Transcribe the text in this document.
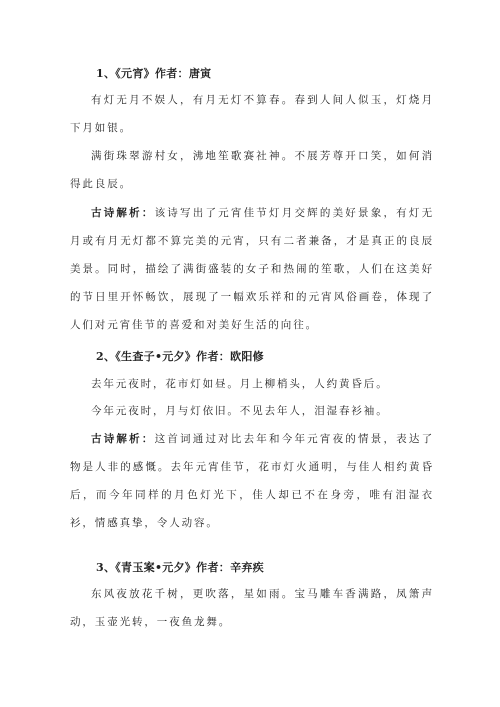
1、《元宵》作者：唐寅

有灯无月不娱人，有月无灯不算春。春到人间人似玉，灯烧月下月如银。

满街珠翠游村女，沸地笙歌赛社神。不展芳尊开口笑，如何消得此良辰。

古诗解析：该诗写出了元宵佳节灯月交辉的美好景象，有灯无月或有月无灯都不算完美的元宵，只有二者兼备，才是真正的良辰美景。同时，描绘了满街盛装的女子和热闹的笙歌，人们在这美好的节日里开怀畅饮，展现了一幅欢乐祥和的元宵风俗画卷，体现了人们对元宵佳节的喜爱和对美好生活的向往。

2、《生查子•元夕》作者：欧阳修

去年元夜时，花市灯如昼。月上柳梢头，人约黄昏后。

今年元夜时，月与灯依旧。不见去年人，泪湿春衫袖。

古诗解析：这首词通过对比去年和今年元宵夜的情景，表达了物是人非的感慨。去年元宵佳节，花市灯火通明，与佳人相约黄昏后，而今年同样的月色灯光下，佳人却已不在身旁，唯有泪湿衣衫，情感真挚，令人动容。

3、《青玉案•元夕》作者：辛弃疾

东风夜放花千树，更吹落，星如雨。宝马雕车香满路，凤箫声动，玉壶光转，一夜鱼龙舞。
